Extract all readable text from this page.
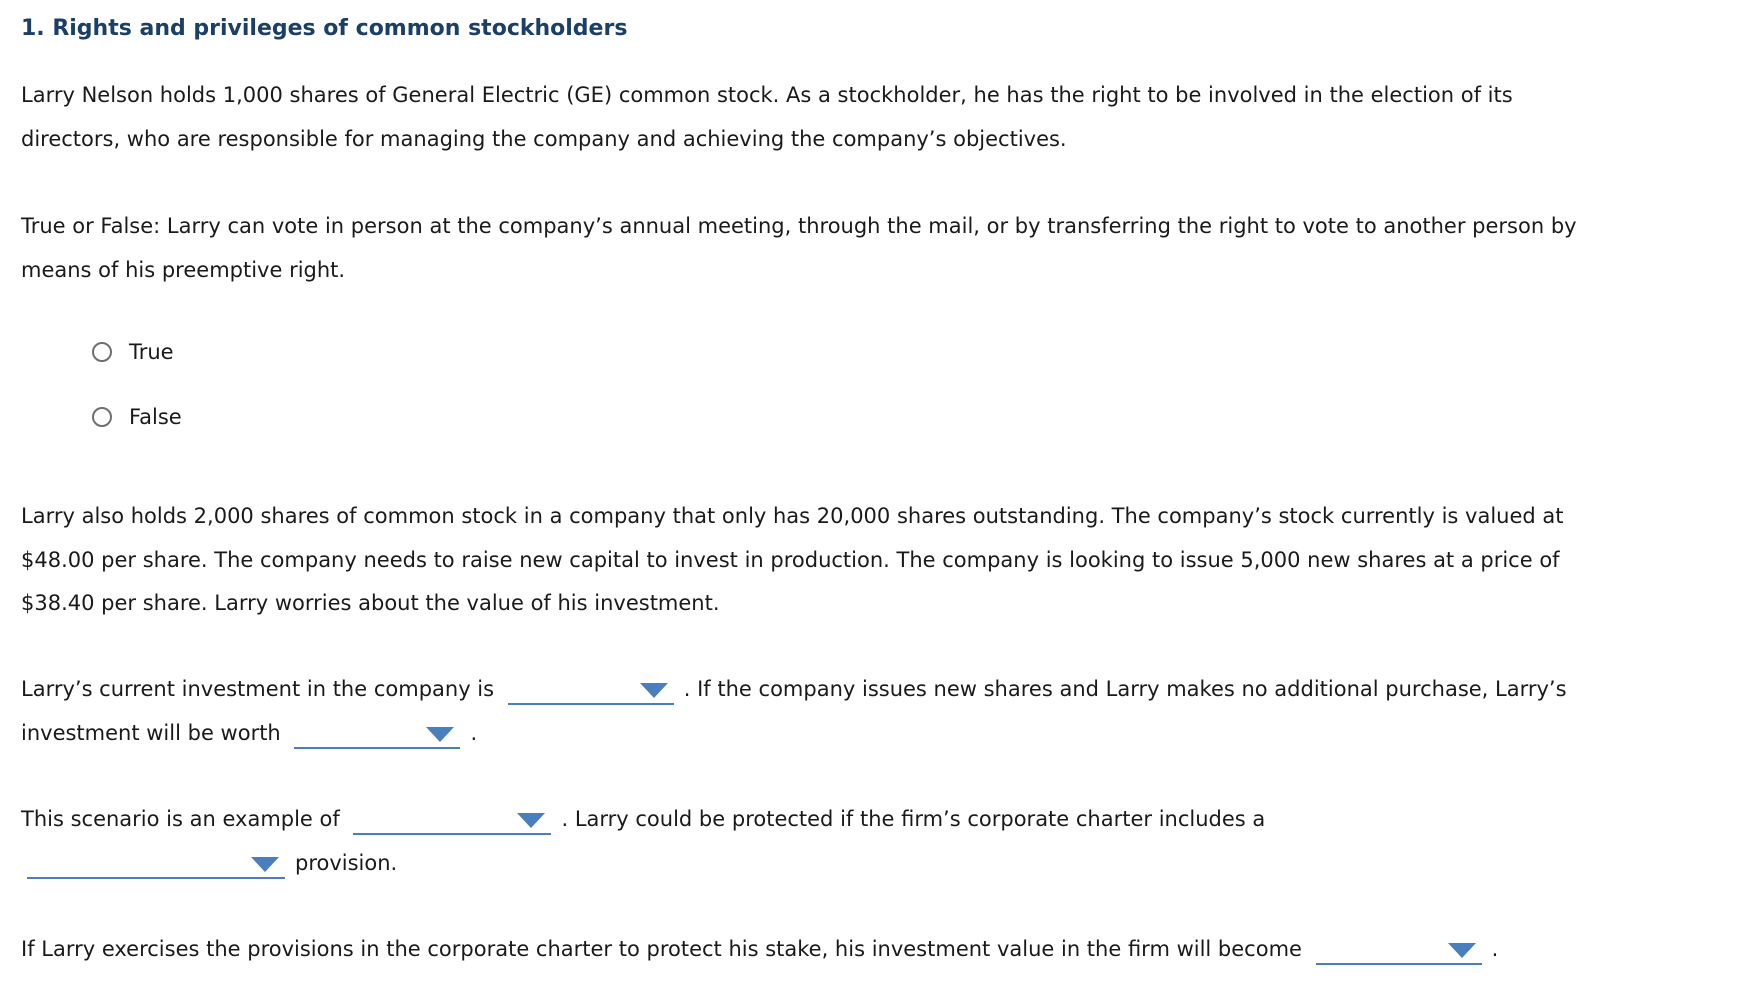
1. Rights and privileges of common stockholders

Larry Nelson holds 1,000 shares of General Electric (GE) common stock. As a stockholder, he has the right to be involved in the election of its
directors, who are responsible for managing the company and achieving the company’s objectives.

True or False: Larry can vote in person at the company’s annual meeting, through the mail, or by transferring the right to vote to another person by
means of his preemptive right.

True
False

Larry also holds 2,000 shares of common stock in a company that only has 20,000 shares outstanding. The company’s stock currently is valued at
$48.00 per share. The company needs to raise new capital to invest in production. The company is looking to issue 5,000 new shares at a price of
$38.40 per share. Larry worries about the value of his investment.

Larry’s current investment in the company is	. If the company issues new shares and Larry makes no additional purchase, Larry’s
investment will be worth	.

This scenario is an example of	. Larry could be protected if the firm’s corporate charter includes a
provision.

If Larry exercises the provisions in the corporate charter to protect his stake, his investment value in the firm will become	.
